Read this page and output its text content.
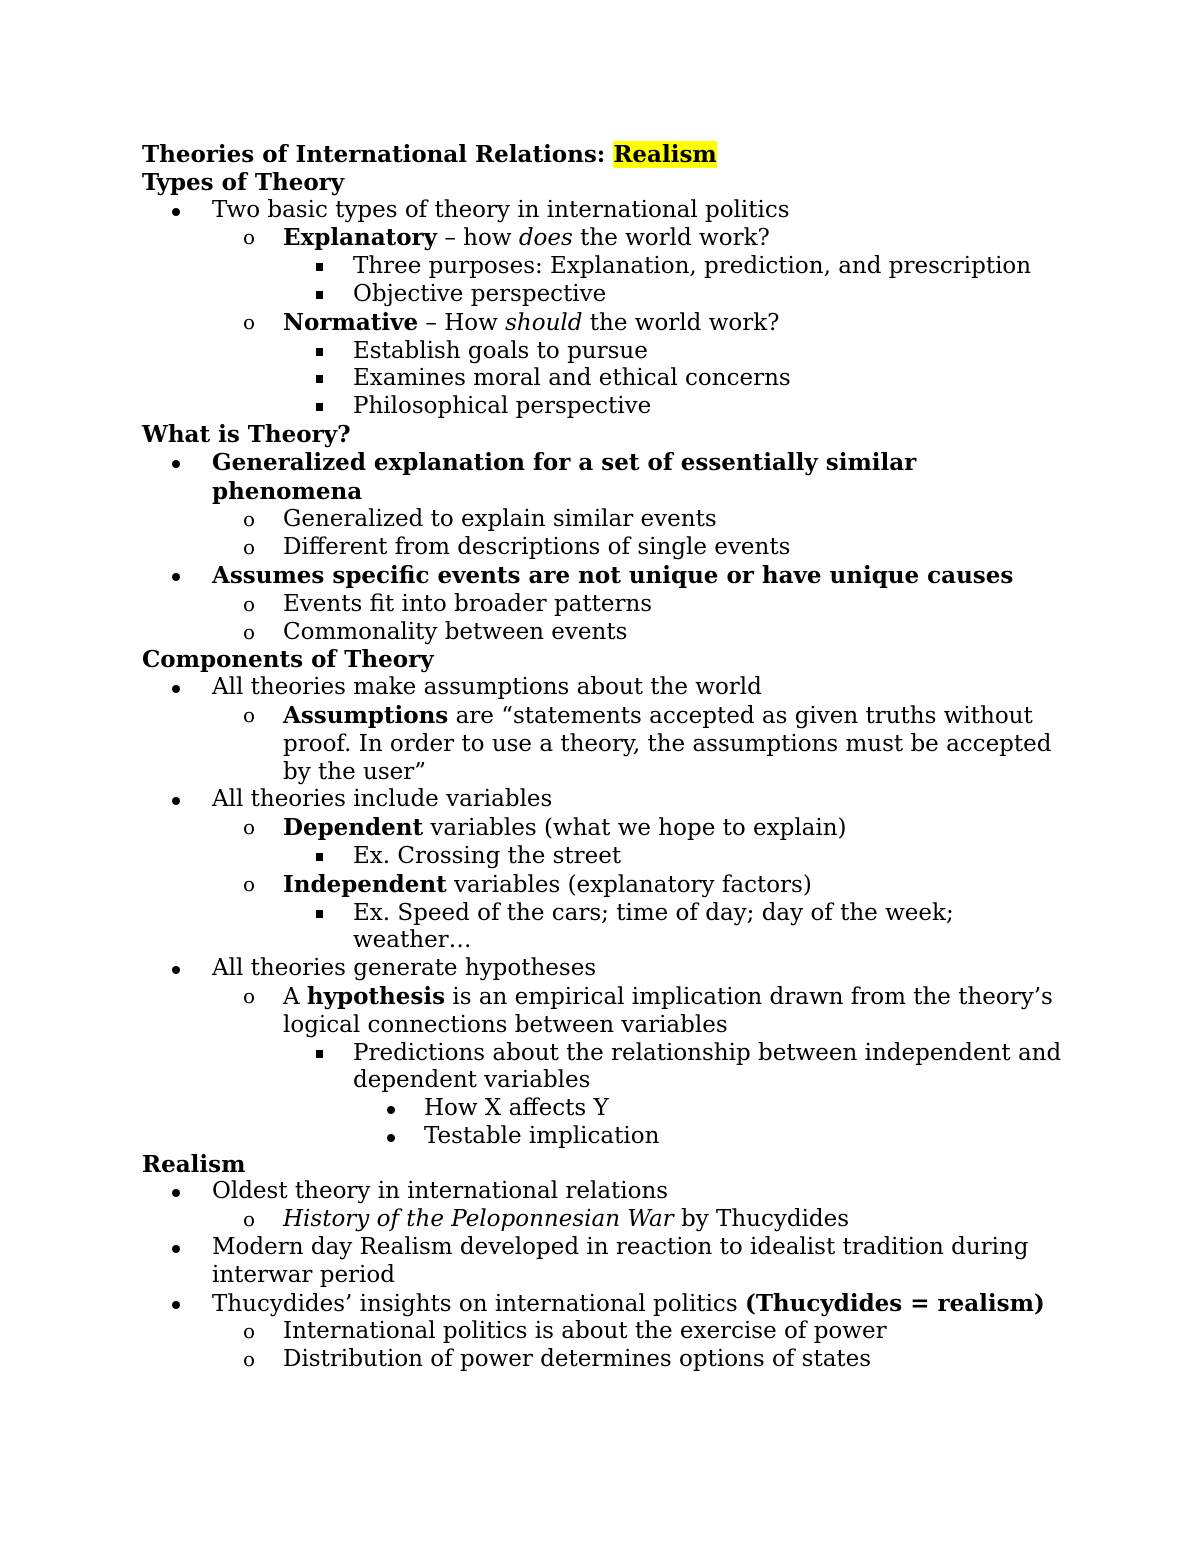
Theories of International Relations: Realism
Types of Theory
Two basic types of theory in international politics
o
Explanatory – how does the world work?
Three purposes: Explanation, prediction, and prescription
Objective perspective
o
Normative – How should the world work?
Establish goals to pursue
Examines moral and ethical concerns
Philosophical perspective
What is Theory?
Generalized explanation for a set of essentially similar phenomena
o
Generalized to explain similar events
o
Different from descriptions of single events
Assumes specific events are not unique or have unique causes
o
Events fit into broader patterns
o
Commonality between events
Components of Theory
All theories make assumptions about the world
o
Assumptions are “statements accepted as given truths without proof. In order to use a theory, the assumptions must be accepted by the user”
All theories include variables
o
Dependent variables (what we hope to explain)
Ex. Crossing the street
o
Independent variables (explanatory factors)
Ex. Speed of the cars; time of day; day of the week; weather…
All theories generate hypotheses
o
A hypothesis is an empirical implication drawn from the theory’s logical connections between variables
Predictions about the relationship between independent and dependent variables
How X affects Y
Testable implication
Realism
Oldest theory in international relations
o
History of the Peloponnesian War by Thucydides
Modern day Realism developed in reaction to idealist tradition during interwar period
Thucydides’ insights on international politics (Thucydides = realism)
o
International politics is about the exercise of power
o
Distribution of power determines options of states
